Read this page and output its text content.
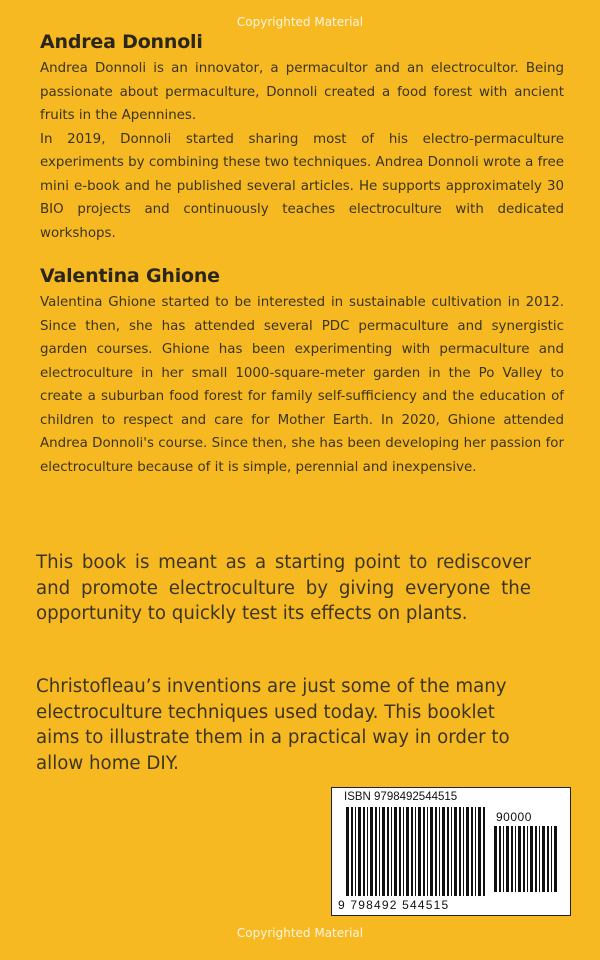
Copyrighted Material
Andrea Donnoli

Andrea Donnoli is an innovator, a permacultor and an electrocultor. Being passionate about permaculture, Donnoli created a food forest with ancient fruits in the Apennines.

In 2019, Donnoli started sharing most of his electro-permaculture experiments by combining these two techniques. Andrea Donnoli wrote a free mini e-book and he published several articles. He supports approximately 30 BIO projects and continuously teaches electroculture with dedicated workshops.

Valentina Ghione

Valentina Ghione started to be interested in sustainable cultivation in 2012. Since then, she has attended several PDC permaculture and synergistic garden courses. Ghione has been experimenting with permaculture and electroculture in her small 1000-square-meter garden in the Po Valley to create a suburban food forest for family self-sufficiency and the education of children to respect and care for Mother Earth. In 2020, Ghione attended Andrea Donnoli's course. Since then, she has been developing her passion for electroculture because of it is simple, perennial and inexpensive.

This book is meant as a starting point to rediscover and promote electroculture by giving everyone the opportunity to quickly test its effects on plants.

Christofleau’s inventions are just some of the many electroculture techniques used today. This booklet aims to illustrate them in a practical way in order to allow home DIY.

ISBN 9798492544515
90000
9 798492 544515
Copyrighted Material
